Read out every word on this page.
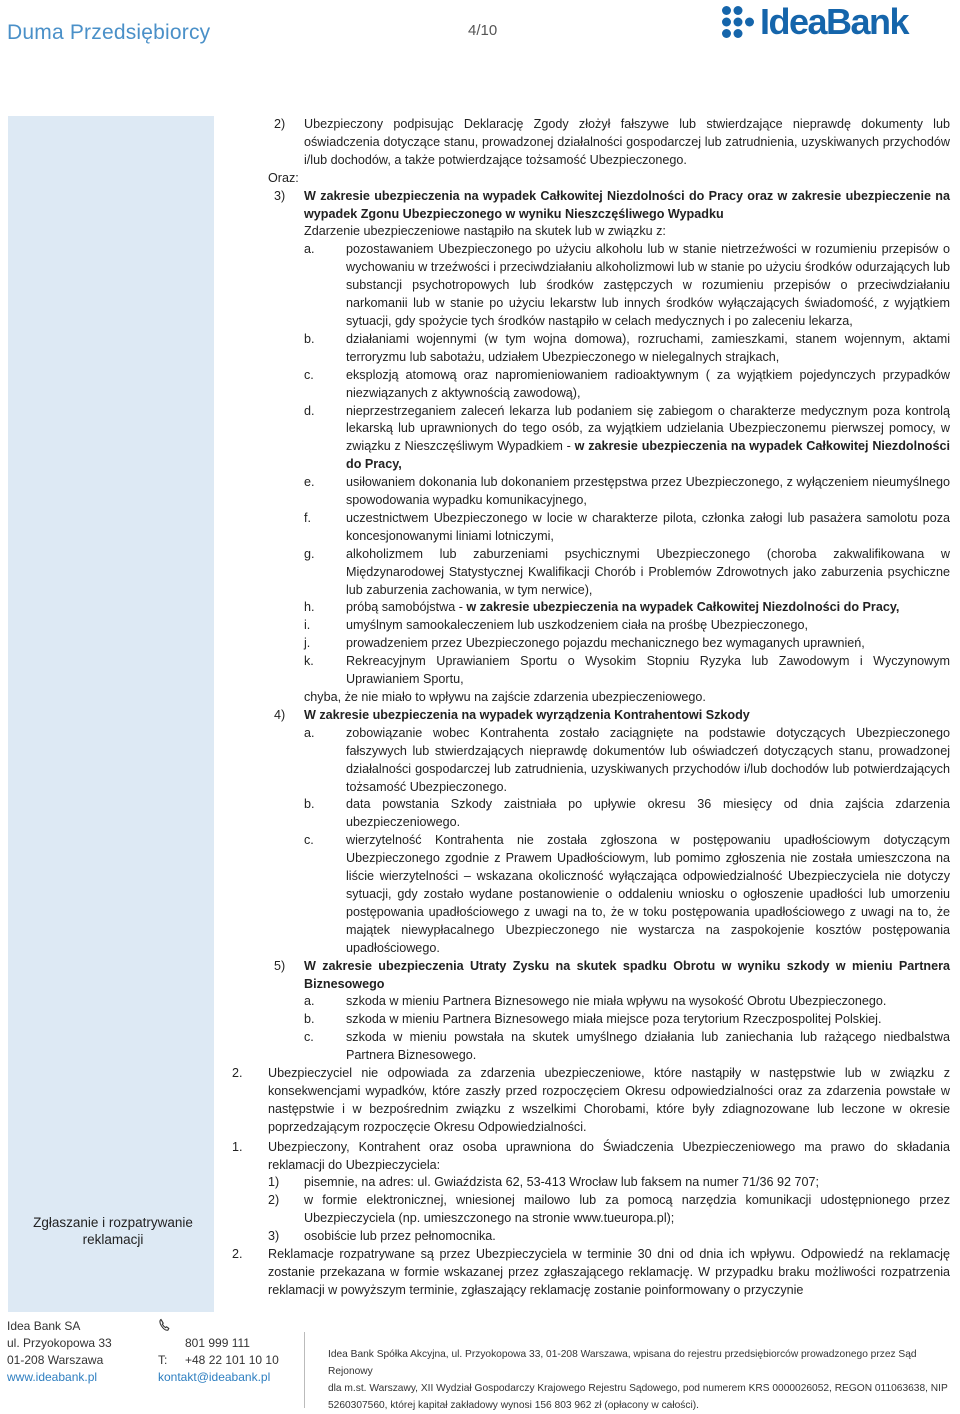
Duma Przedsiębiorcy	4/10	IdeaBank
Zgłaszanie i rozpatrywanie reklamacji
2)	Ubezpieczony podpisując Deklarację Zgody złożył fałszywe lub stwierdzające nieprawdę dokumenty lub oświadczenia dotyczące stanu, prowadzonej działalności gospodarczej lub zatrudnienia, uzyskiwanych przychodów i/lub dochodów, a także potwierdzające tożsamość Ubezpieczonego.
Oraz:
3)	W zakresie ubezpieczenia na wypadek Całkowitej Niezdolności do Pracy oraz w zakresie ubezpieczenie na wypadek Zgonu Ubezpieczonego w wyniku Nieszczęśliwego Wypadku
Zdarzenie ubezpieczeniowe nastąpiło na skutek lub w związku z:
a.	pozostawaniem Ubezpieczonego po użyciu alkoholu lub w stanie nietrzeźwości w rozumieniu przepisów o wychowaniu w trzeźwości i przeciwdziałaniu alkoholizmowi lub w stanie po użyciu środków odurzających lub substancji psychotropowych lub środków zastępczych w rozumieniu przepisów o przeciwdziałaniu narkomanii lub w stanie po użyciu lekarstw lub innych środków wyłączających świadomość, z wyjątkiem sytuacji, gdy spożycie tych środków nastąpiło w celach medycznych i po zaleceniu lekarza,
b.	działaniami wojennymi (w tym wojna domowa), rozruchami, zamieszkami, stanem wojennym, aktami terroryzmu lub sabotażu, udziałem Ubezpieczonego w nielegalnych strajkach,
c.	eksplozją atomową oraz napromieniowaniem radioaktywnym ( za wyjątkiem pojedynczych przypadków niezwiązanych z aktywnością zawodową),
d.	nieprzestrzeganiem zaleceń lekarza lub podaniem się zabiegom o charakterze medycznym poza kontrolą lekarską lub uprawnionych do tego osób, za wyjątkiem udzielania Ubezpieczonemu pierwszej pomocy, w związku z Nieszczęśliwym Wypadkiem - w zakresie ubezpieczenia na wypadek Całkowitej Niezdolności do Pracy,
e.	usiłowaniem dokonania lub dokonaniem przestępstwa przez Ubezpieczonego, z wyłączeniem nieumyślnego spowodowania wypadku komunikacyjnego,
f.	uczestnictwem Ubezpieczonego w locie w charakterze pilota, członka załogi lub pasażera samolotu poza koncesjonowanymi liniami lotniczymi,
g.	alkoholizmem lub zaburzeniami psychicznymi Ubezpieczonego (choroba zakwalifikowana w Międzynarodowej Statystycznej Kwalifikacji Chorób i Problemów Zdrowotnych jako zaburzenia psychiczne lub zaburzenia zachowania, w tym nerwice),
h.	próbą samobójstwa - w zakresie ubezpieczenia na wypadek Całkowitej Niezdolności do Pracy,
i.	umyślnym samookaleczeniem lub uszkodzeniem ciała na prośbę Ubezpieczonego,
j.	prowadzeniem przez Ubezpieczonego pojazdu mechanicznego bez wymaganych uprawnień,
k.	Rekreacyjnym Uprawianiem Sportu o Wysokim Stopniu Ryzyka lub Zawodowym i Wyczynowym Uprawianiem Sportu,
chyba, że nie miało to wpływu na zajście zdarzenia ubezpieczeniowego.
4)	W zakresie ubezpieczenia na wypadek wyrządzenia Kontrahentowi Szkody
a.	zobowiązanie wobec Kontrahenta zostało zaciągnięte na podstawie dotyczących Ubezpieczonego fałszywych lub stwierdzających nieprawdę dokumentów lub oświadczeń dotyczących stanu, prowadzonej działalności gospodarczej lub zatrudnienia, uzyskiwanych przychodów i/lub dochodów lub potwierdzających tożsamość Ubezpieczonego.
b.	data powstania Szkody zaistniała po upływie okresu 36 miesięcy od dnia zajścia zdarzenia ubezpieczeniowego.
c.	wierzytelność Kontrahenta nie została zgłoszona w postępowaniu upadłościowym dotyczącym Ubezpieczonego zgodnie z Prawem Upadłościowym, lub pomimo zgłoszenia nie została umieszczona na liście wierzytelności – wskazana okoliczność wyłączająca odpowiedzialność Ubezpieczyciela nie dotyczy sytuacji, gdy zostało wydane postanowienie o oddaleniu wniosku o ogłoszenie upadłości lub umorzeniu postępowania upadłościowego z uwagi na to, że w toku postępowania upadłościowego z uwagi na to, że majątek niewypłacalnego Ubezpieczonego nie wystarcza na zaspokojenie kosztów postępowania upadłościowego.
5)	W zakresie ubezpieczenia Utraty Zysku na skutek spadku Obrotu w wyniku szkody w mieniu Partnera Biznesowego
a.	szkoda w mieniu Partnera Biznesowego nie miała wpływu na wysokość Obrotu Ubezpieczonego.
b.	szkoda w mieniu Partnera Biznesowego miała miejsce poza terytorium Rzeczpospolitej Polskiej.
c.	szkoda w mieniu powstała na skutek umyślnego działania lub zaniechania lub rażącego niedbalstwa Partnera Biznesowego.
2.	Ubezpieczyciel nie odpowiada za zdarzenia ubezpieczeniowe, które nastąpiły w następstwie lub w związku z konsekwencjami wypadków, które zaszły przed rozpoczęciem Okresu odpowiedzialności oraz za zdarzenia powstałe w następstwie i w bezpośrednim związku z wszelkimi Chorobami, które były zdiagnozowane lub leczone w okresie poprzedzającym rozpoczęcie Okresu Odpowiedzialności.
1.	Ubezpieczony, Kontrahent oraz osoba uprawniona do Świadczenia Ubezpieczeniowego ma prawo do składania reklamacji do Ubezpieczyciela:
1)	pisemnie, na adres: ul. Gwiaździsta 62, 53-413 Wrocław lub faksem na numer 71/36 92 707;
2)	w formie elektronicznej, wniesionej mailowo lub za pomocą narzędzia komunikacji udostępnionego przez Ubezpieczyciela (np. umieszczonego na stronie www.tueuropa.pl);
3)	osobiście lub przez pełnomocnika.
2.	Reklamacje rozpatrywane są przez Ubezpieczyciela w terminie 30 dni od dnia ich wpływu. Odpowiedź na reklamację zostanie przekazana w formie wskazanej przez zgłaszającego reklamację. W przypadku braku możliwości rozpatrzenia reklamacji w powyższym terminie, zgłaszający reklamację zostanie poinformowany o przyczynie
Idea Bank SA
ul. Przyokopowa 33
01-208 Warszawa
www.ideabank.pl
801 999 111
T:	+48 22 101 10 10
kontakt@ideabank.pl
Idea Bank Spółka Akcyjna, ul. Przyokopowa 33, 01-208 Warszawa, wpisana do rejestru przedsiębiorców prowadzonego przez Sąd Rejonowy
dla m.st. Warszawy, XII Wydział Gospodarczy Krajowego Rejestru Sądowego, pod numerem KRS 0000026052, REGON 011063638, NIP
5260307560, której kapitał zakładowy wynosi 156 803 962 zł (opłacony w całości).
